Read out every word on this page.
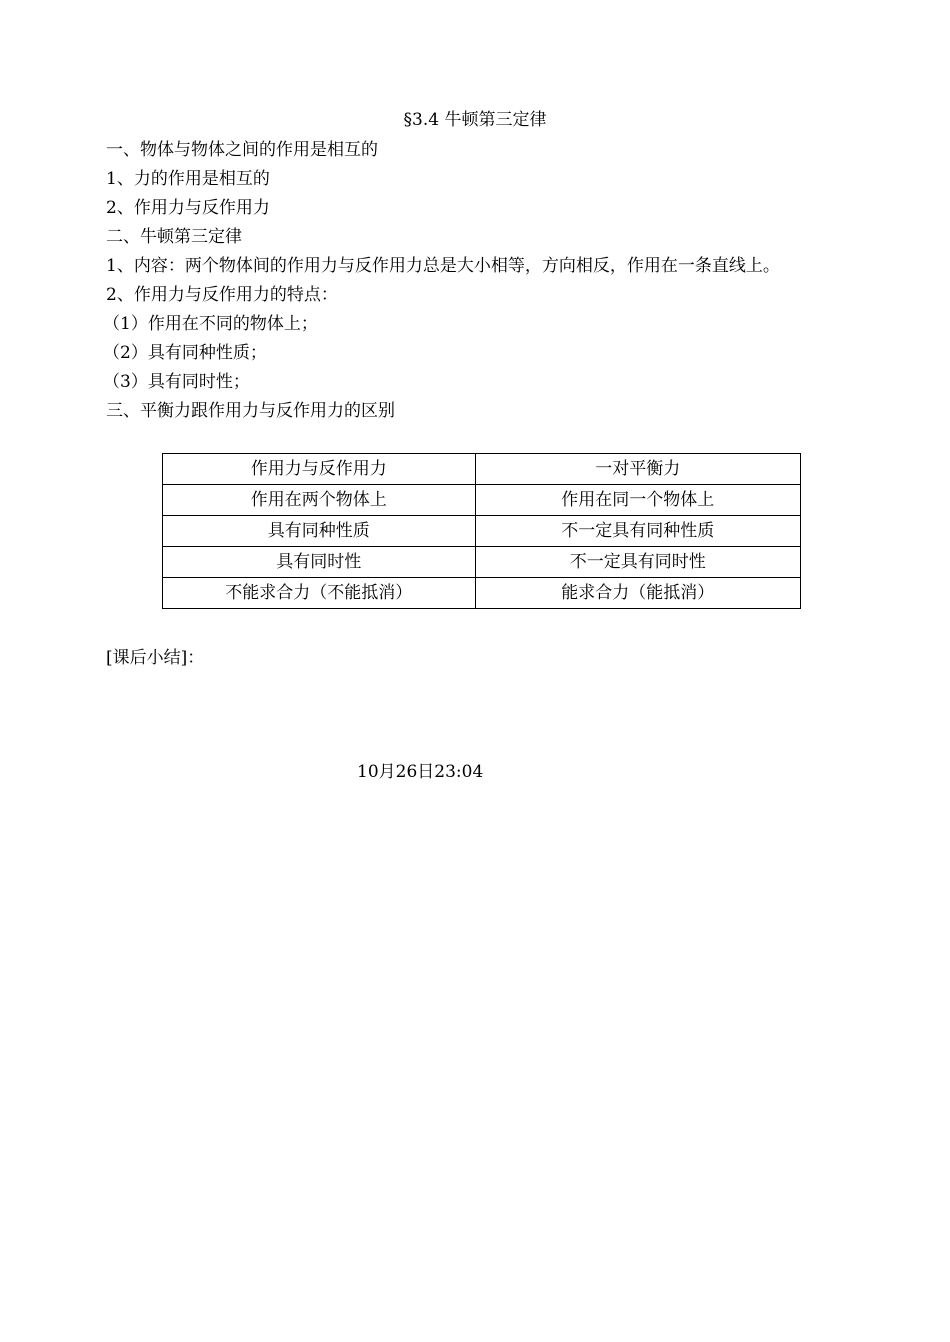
§3.4 牛顿第三定律
一、物体与物体之间的作用是相互的
1、力的作用是相互的
2、作用力与反作用力
二、牛顿第三定律
1、内容：两个物体间的作用力与反作用力总是大小相等，方向相反，作用在一条直线上。
2、作用力与反作用力的特点：
（1）作用在不同的物体上；
（2）具有同种性质；
（3）具有同时性；
三、平衡力跟作用力与反作用力的区别
作用力与反作用力	一对平衡力
作用在两个物体上	作用在同一个物体上
具有同种性质	不一定具有同种性质
具有同时性	不一定具有同时性
不能求合力（不能抵消）	能求合力（能抵消）
[课后小结]：
10月26日23:04
